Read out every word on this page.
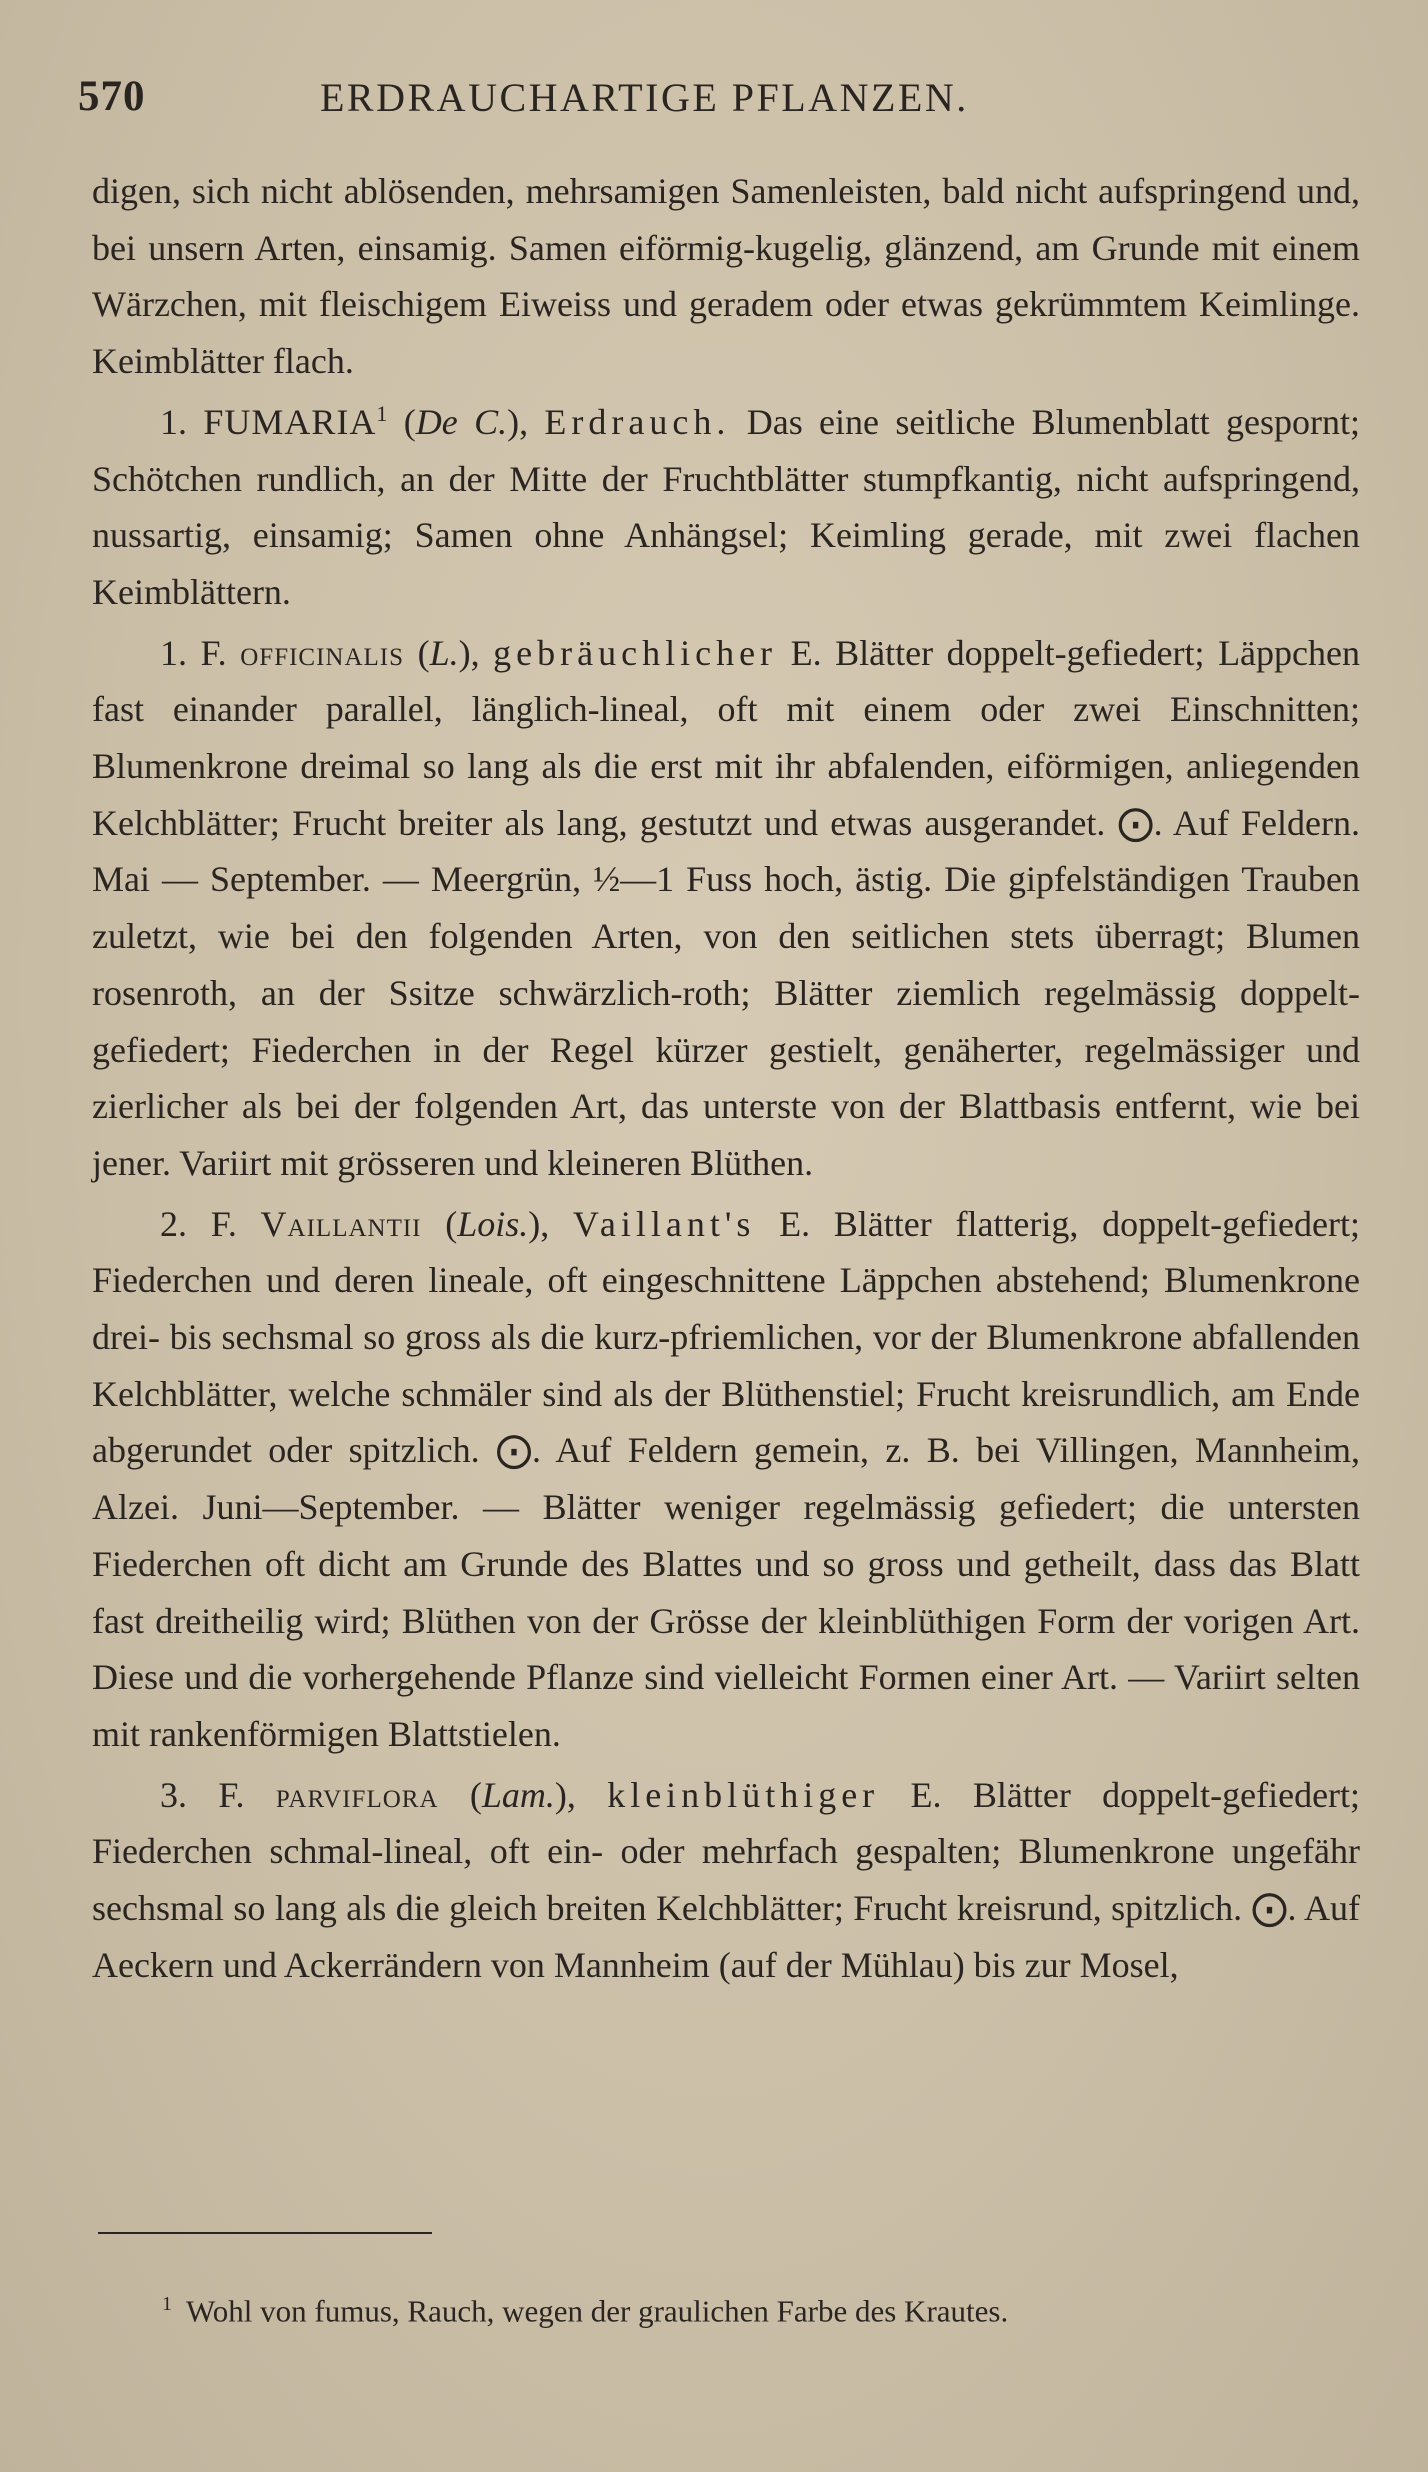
570	ERDRAUCHARTIGE PFLANZEN.

digen, sich nicht ablösenden, mehrsamigen Samenleisten, bald nicht aufspringend und, bei unsern Arten, einsamig. Samen eiförmig-kugelig, glänzend, am Grunde mit einem Wärzchen, mit fleischigem Eiweiss und geradem oder etwas gekrümmtem Keimlinge. Keimblätter flach.

1. FUMARIA$^1$ (De C.), Erdrauch. Das eine seitliche Blumenblatt gespornt; Schötchen rundlich, an der Mitte der Fruchtblätter stumpfkantig, nicht aufspringend, nussartig, einsamig; Samen ohne Anhängsel; Keimling gerade, mit zwei flachen Keimblättern.

1. F. officinalis (L.), gebräuchlicher E. Blätter doppelt-gefiedert; Läppchen fast einander parallel, länglich-lineal, oft mit einem oder zwei Einschnitten; Blumenkrone dreimal so lang als die erst mit ihr abfalenden, eiförmigen, anliegenden Kelchblätter; Frucht breiter als lang, gestutzt und etwas ausgerandet. ⨀. Auf Feldern. Mai — September. — Meergrün, ½—1 Fuss hoch, ästig. Die gipfelständigen Trauben zuletzt, wie bei den folgenden Arten, von den seitlichen stets überragt; Blumen rosenroth, an der Ssitze schwärzlich-roth; Blätter ziemlich regelmässig doppelt-gefiedert; Fiederchen in der Regel kürzer gestielt, genäherter, regelmässiger und zierlicher als bei der folgenden Art, das unterste von der Blattbasis entfernt, wie bei jener. Variirt mit grösseren und kleineren Blüthen.

2. F. Vaillantii (Lois.), Vaillant's E. Blätter flatterig, doppelt-gefiedert; Fiederchen und deren lineale, oft eingeschnittene Läppchen abstehend; Blumenkrone drei- bis sechsmal so gross als die kurz-pfriemlichen, vor der Blumenkrone abfallenden Kelchblätter, welche schmäler sind als der Blüthenstiel; Frucht kreisrundlich, am Ende abgerundet oder spitzlich. ⨀. Auf Feldern gemein, z. B. bei Villingen, Mannheim, Alzei. Juni—September. — Blätter weniger regelmässig gefiedert; die untersten Fiederchen oft dicht am Grunde des Blattes und so gross und getheilt, dass das Blatt fast dreitheilig wird; Blüthen von der Grösse der kleinblüthigen Form der vorigen Art. Diese und die vorhergehende Pflanze sind vielleicht Formen einer Art. — Variirt selten mit rankenförmigen Blattstielen.

3. F. parviflora (Lam.), kleinblüthiger E. Blätter doppelt-gefiedert; Fiederchen schmal-lineal, oft ein- oder mehrfach gespalten; Blumenkrone ungefähr sechsmal so lang als die gleich breiten Kelchblätter; Frucht kreisrund, spitzlich. ⨀. Auf Aeckern und Ackerrändern von Mannheim (auf der Mühlau) bis zur Mosel,

$^1$ Wohl von fumus, Rauch, wegen der graulichen Farbe des Krautes.
